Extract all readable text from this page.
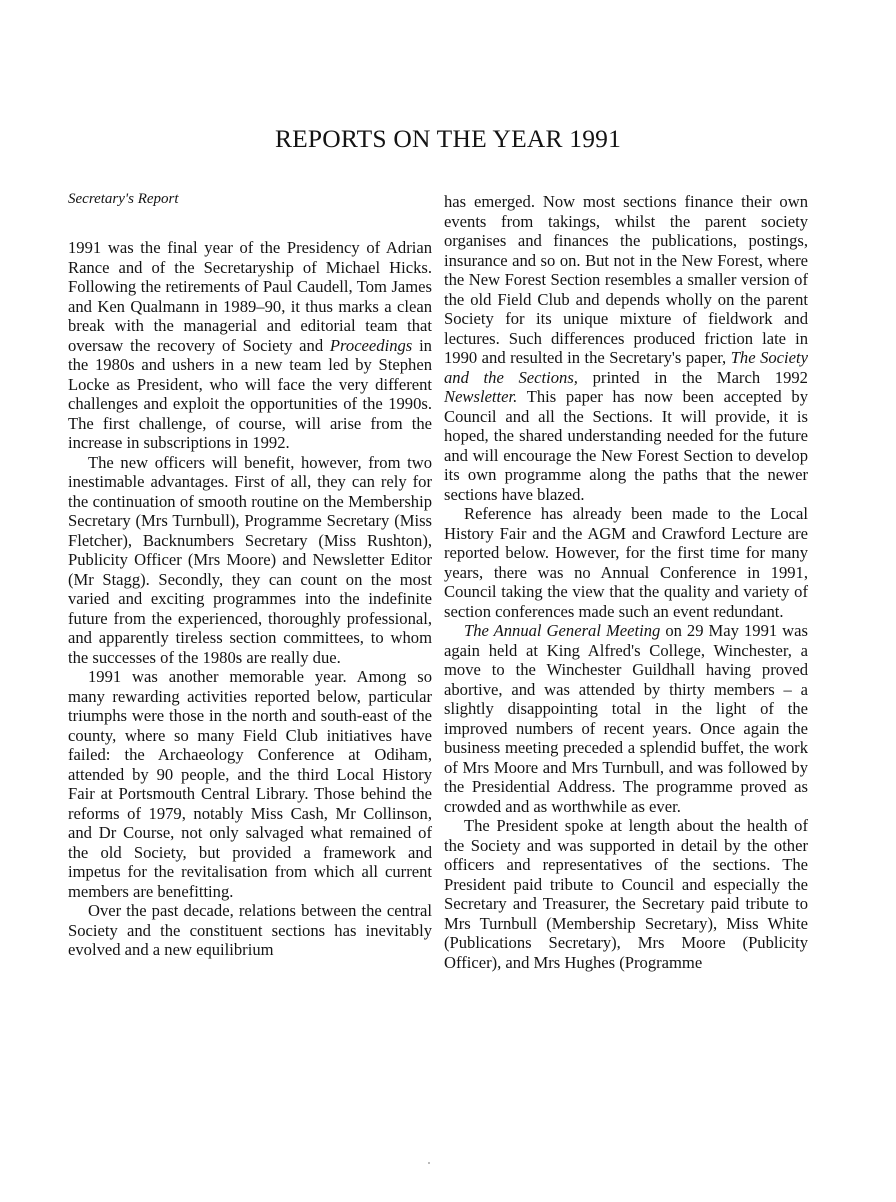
REPORTS ON THE YEAR 1991
Secretary's Report

1991 was the final year of the Presidency of Adrian Rance and of the Secretaryship of Michael Hicks. Following the retirements of Paul Caudell, Tom James and Ken Qualmann in 1989–90, it thus marks a clean break with the managerial and editorial team that oversaw the recovery of Society and Proceedings in the 1980s and ushers in a new team led by Stephen Locke as President, who will face the very different challenges and exploit the opportunities of the 1990s. The first challenge, of course, will arise from the increase in subscriptions in 1992.

The new officers will benefit, however, from two inestimable advantages. First of all, they can rely for the continuation of smooth routine on the Membership Secretary (Mrs Turnbull), Programme Secretary (Miss Fletcher), Backnumbers Secretary (Miss Rushton), Publicity Officer (Mrs Moore) and Newsletter Editor (Mr Stagg). Secondly, they can count on the most varied and exciting programmes into the indefinite future from the experienced, thoroughly professional, and apparently tireless section committees, to whom the successes of the 1980s are really due.

1991 was another memorable year. Among so many rewarding activities reported below, particular triumphs were those in the north and south-east of the county, where so many Field Club initiatives have failed: the Archaeology Conference at Odiham, attended by 90 people, and the third Local History Fair at Portsmouth Central Library. Those behind the reforms of 1979, notably Miss Cash, Mr Collinson, and Dr Course, not only salvaged what remained of the old Society, but provided a framework and impetus for the revitalisation from which all current members are benefitting.

Over the past decade, relations between the central Society and the constituent sections has inevitably evolved and a new equilibrium

has emerged. Now most sections finance their own events from takings, whilst the parent society organises and finances the publications, postings, insurance and so on. But not in the New Forest, where the New Forest Section resembles a smaller version of the old Field Club and depends wholly on the parent Society for its unique mixture of fieldwork and lectures. Such differences produced friction late in 1990 and resulted in the Secretary's paper, The Society and the Sections, printed in the March 1992 Newsletter. This paper has now been accepted by Council and all the Sections. It will provide, it is hoped, the shared understanding needed for the future and will encourage the New Forest Section to develop its own programme along the paths that the newer sections have blazed.

Reference has already been made to the Local History Fair and the AGM and Crawford Lecture are reported below. However, for the first time for many years, there was no Annual Conference in 1991, Council taking the view that the quality and variety of section conferences made such an event redundant.

The Annual General Meeting on 29 May 1991 was again held at King Alfred's College, Winchester, a move to the Winchester Guildhall having proved abortive, and was attended by thirty members – a slightly disappointing total in the light of the improved numbers of recent years. Once again the business meeting preceded a splendid buffet, the work of Mrs Moore and Mrs Turnbull, and was followed by the Presidential Address. The programme proved as crowded and as worthwhile as ever.

The President spoke at length about the health of the Society and was supported in detail by the other officers and representatives of the sections. The President paid tribute to Council and especially the Secretary and Treasurer, the Secretary paid tribute to Mrs Turnbull (Membership Secretary), Miss White (Publications Secretary), Mrs Moore (Publicity Officer), and Mrs Hughes (Programme
